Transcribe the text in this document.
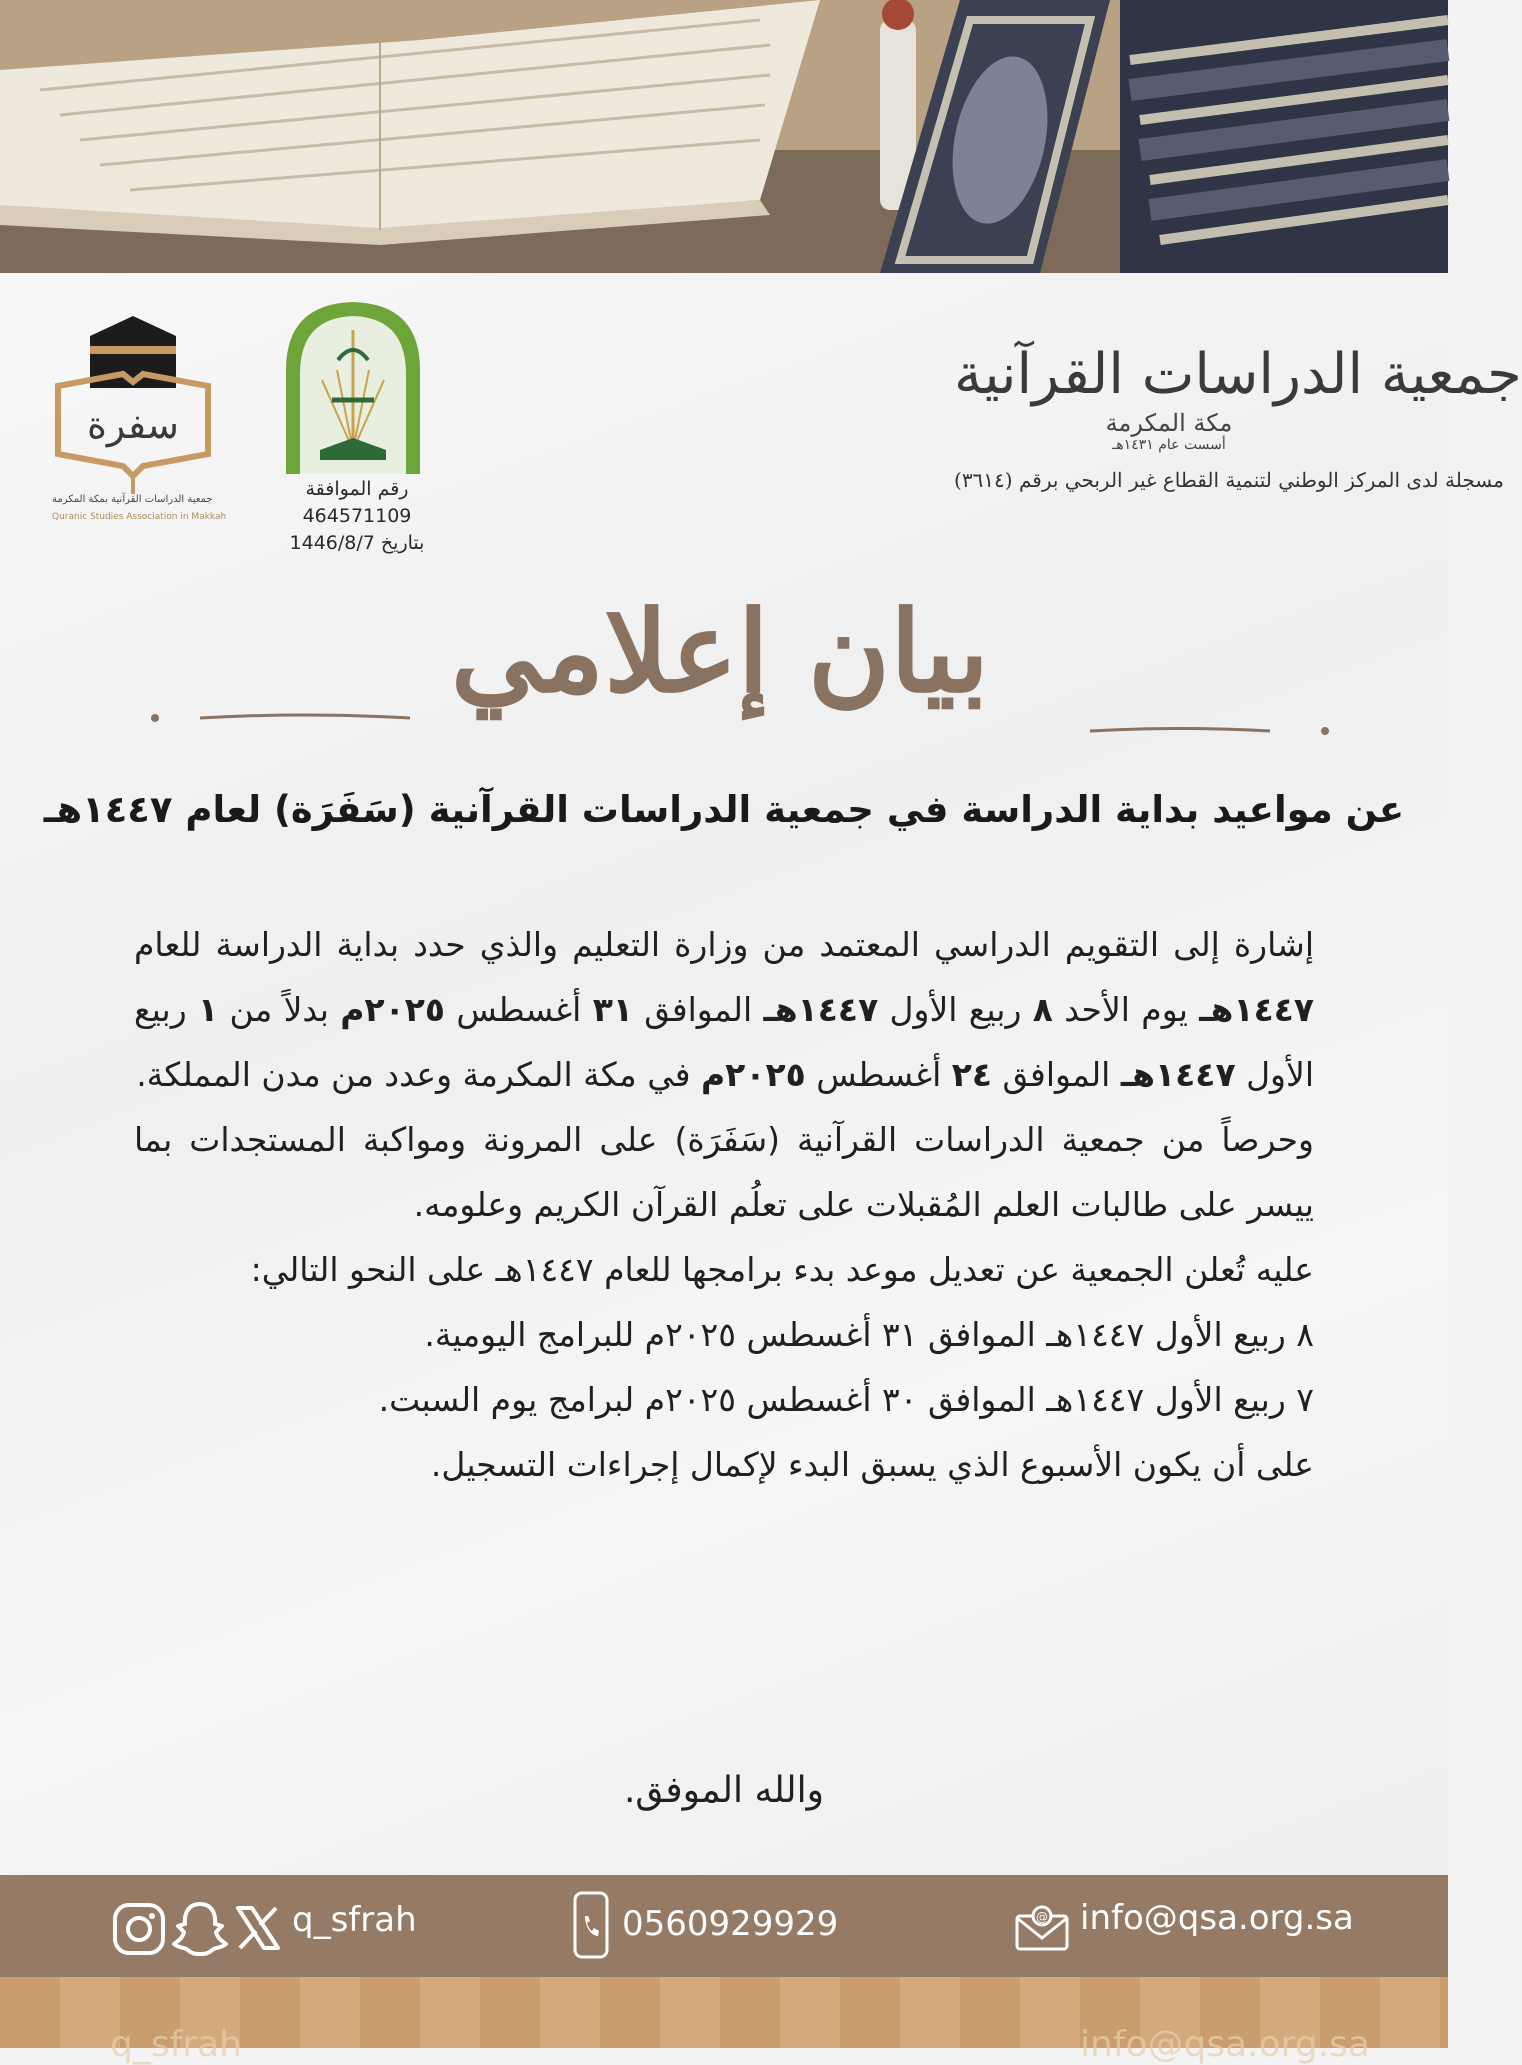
جمعية الدراسات القرآنية
مكة المكرمة
أسست عام ١٤٣١هـ
مسجلة لدى المركز الوطني لتنمية القطاع غير الربحي برقم (٣٦١٤)
رقم الموافقة
464571109
بتاريخ 1446/8/7
سفرة
جمعية الدراسات القرآنية بمكة المكرمة
Quranic Studies Association in Makkah
بيان إعلامي
عن مواعيد بداية الدراسة في جمعية الدراسات القرآنية (سَفَرَة) لعام ١٤٤٧هـ

إشارة إلى التقويم الدراسي المعتمد من وزارة التعليم والذي حدد بداية الدراسة للعام ١٤٤٧هـ يوم الأحد ٨ ربيع الأول ١٤٤٧هـ الموافق ٣١ أغسطس ٢٠٢٥م بدلاً من ١ ربيع الأول ١٤٤٧هـ الموافق ٢٤ أغسطس ٢٠٢٥م في مكة المكرمة وعدد من مدن المملكة.

وحرصاً من جمعية الدراسات القرآنية (سَفَرَة) على المرونة ومواكبة المستجدات بما ييسر على طالبات العلم المُقبلات على تعلُم القرآن الكريم وعلومه.

عليه تُعلن الجمعية عن تعديل موعد بدء برامجها للعام ١٤٤٧هـ على النحو التالي:

٨ ربيع الأول ١٤٤٧هـ الموافق ٣١ أغسطس ٢٠٢٥م للبرامج اليومية.

٧ ربيع الأول ١٤٤٧هـ الموافق ٣٠ أغسطس ٢٠٢٥م لبرامج يوم السبت.

على أن يكون الأسبوع الذي يسبق البدء لإكمال إجراءات التسجيل.

والله الموفق.
q_sfrah	0560929929	@ info@qsa.org.sa
q_sfrah	info@qsa.org.sa
